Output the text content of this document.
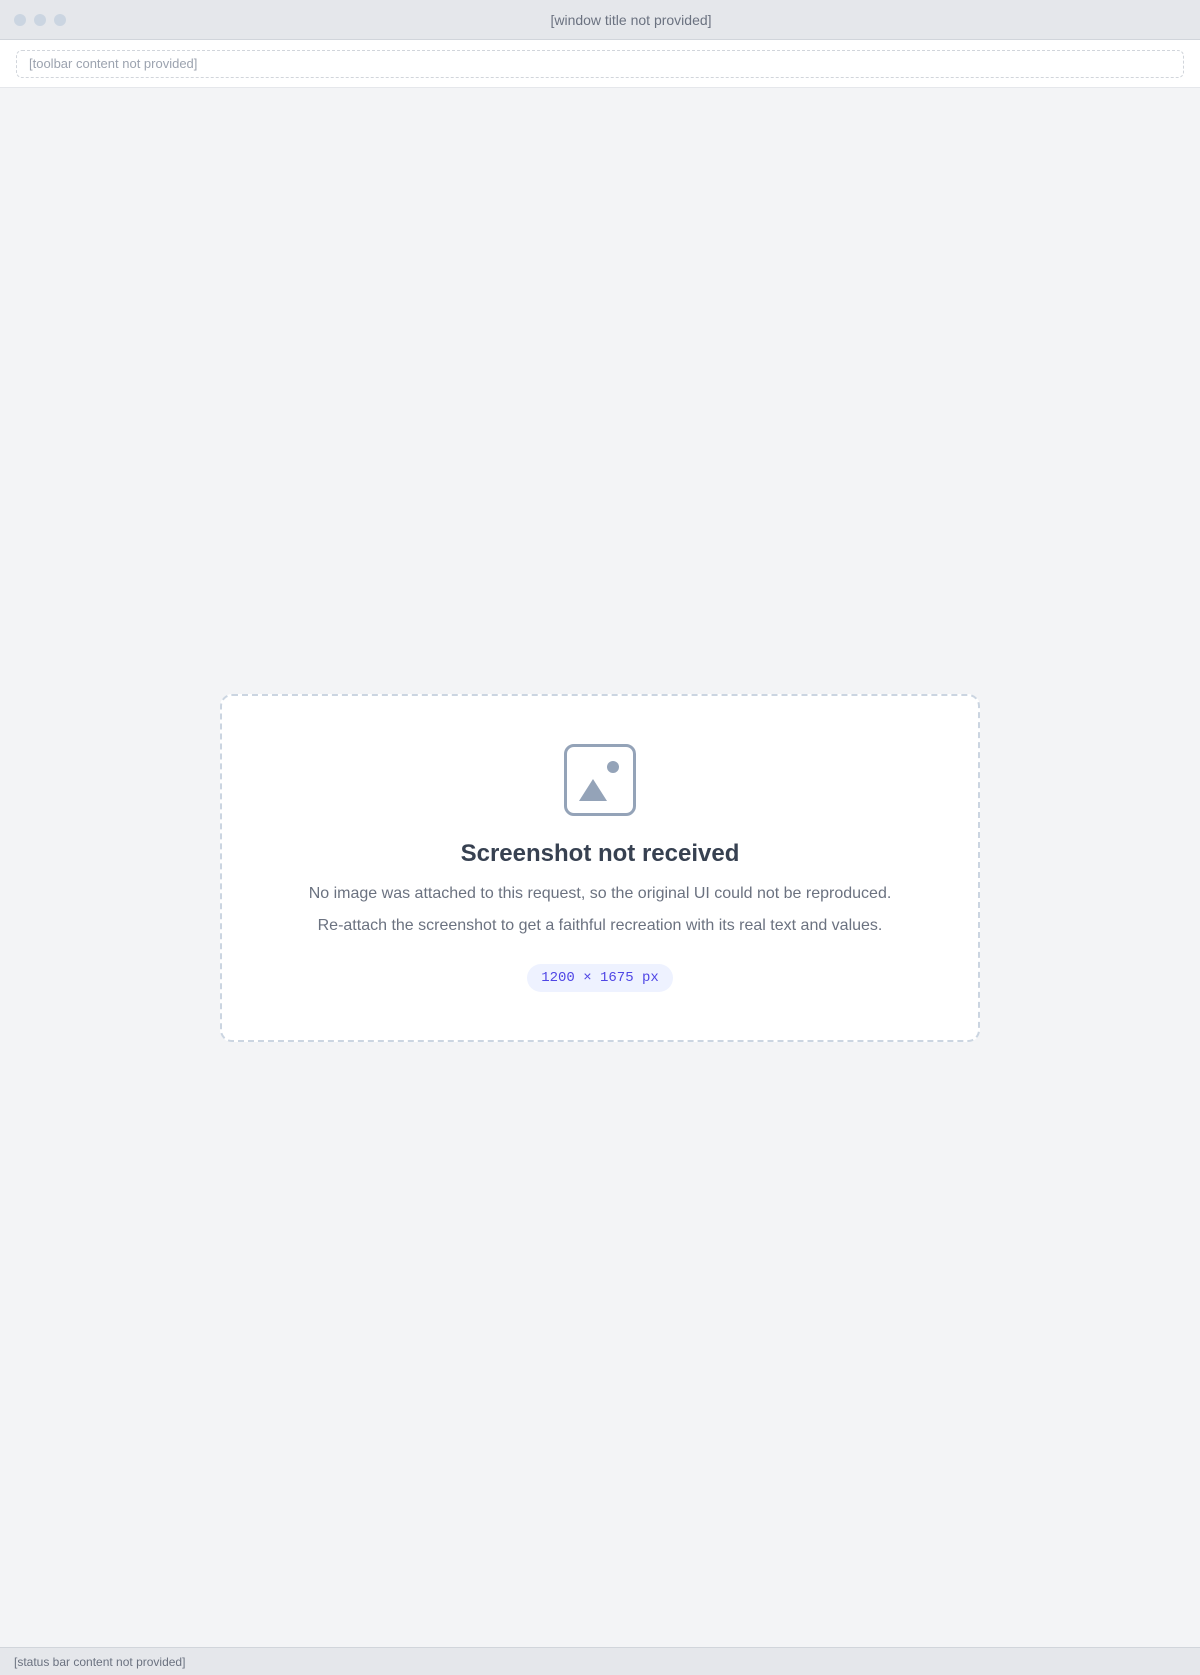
[window title not provided]
[toolbar content not provided]
Screenshot not received
No image was attached to this request, so the original UI could not be reproduced.
Re-attach the screenshot to get a faithful recreation with its real text and values.
1200 × 1675 px
[status bar content not provided]
